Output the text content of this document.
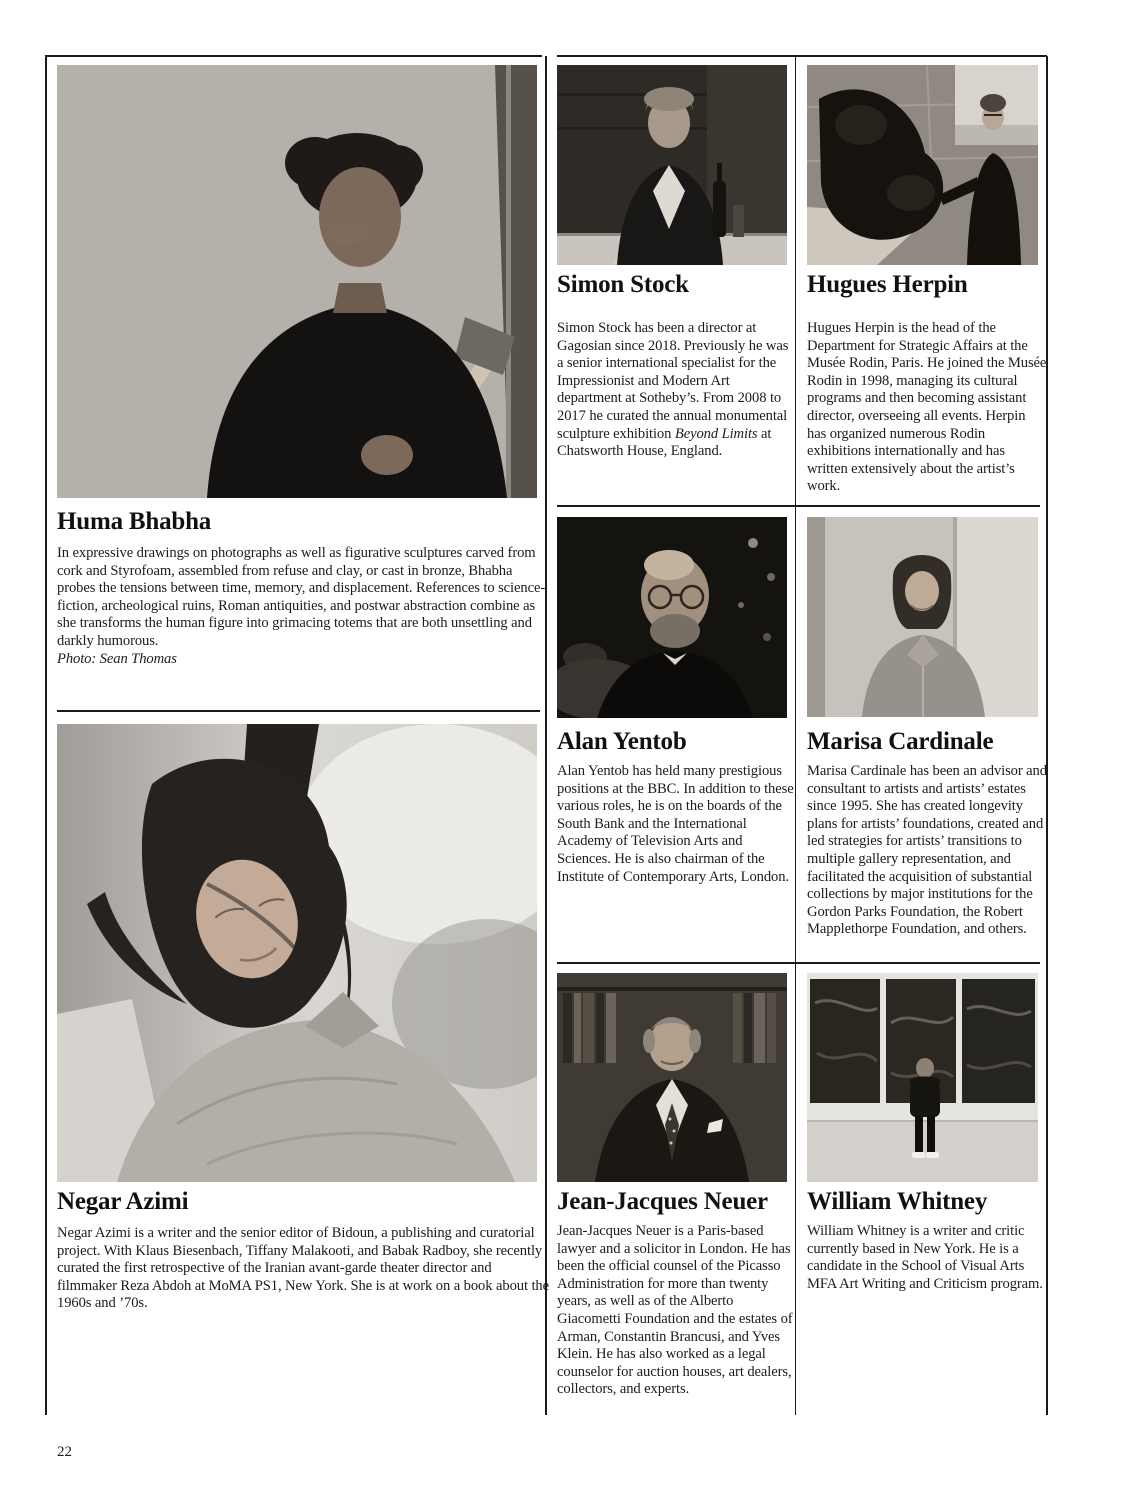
Huma Bhabha

In expressive drawings on photographs as well as figurative sculptures carved from cork and Styrofoam, assembled from refuse and clay, or cast in bronze, Bhabha probes the tensions between time, memory, and displacement. References to science-fiction, archeological ruins, Roman antiquities, and postwar abstraction combine as she transforms the human figure into grimacing totems that are both unsettling and darkly humorous.
Photo: Sean Thomas

Simon Stock

Simon Stock has been a director at Gagosian since 2018. Previously he was a senior international specialist for the Impressionist and Modern Art department at Sotheby’s. From 2008 to 2017 he curated the annual monumental sculpture exhibition Beyond Limits at Chatsworth House, England.

Hugues Herpin

Hugues Herpin is the head of the Department for Strategic Affairs at the Musée Rodin, Paris. He joined the Musée Rodin in 1998, managing its cultural programs and then becoming assistant director, overseeing all events. Herpin has organized numerous Rodin exhibitions internationally and has written extensively about the artist’s work.

Alan Yentob

Alan Yentob has held many prestigious positions at the BBC. In addition to these various roles, he is on the boards of the South Bank and the International Academy of Television Arts and Sciences. He is also chairman of the Institute of Contemporary Arts, London.

Marisa Cardinale

Marisa Cardinale has been an advisor and consultant to artists and artists’ estates since 1995. She has created longevity plans for artists’ foundations, created and led strategies for artists’ transitions to multiple gallery representation, and facilitated the acquisition of substantial collections by major institutions for the Gordon Parks Foundation, the Robert Mapplethorpe Foundation, and others.

Negar Azimi

Negar Azimi is a writer and the senior editor of Bidoun, a publishing and curatorial project. With Klaus Biesenbach, Tiffany Malakooti, and Babak Radboy, she recently curated the first retrospective of the Iranian avant-garde theater director and filmmaker Reza Abdoh at MoMA PS1, New York. She is at work on a book about the 1960s and ’70s.

Jean-Jacques Neuer

Jean-Jacques Neuer is a Paris-based lawyer and a solicitor in London. He has been the official counsel of the Picasso Administration for more than twenty years, as well as of the Alberto Giacometti Foundation and the estates of Arman, Constantin Brancusi, and Yves Klein. He has also worked as a legal counselor for auction houses, art dealers, collectors, and experts.

William Whitney

William Whitney is a writer and critic currently based in New York. He is a candidate in the School of Visual Arts MFA Art Writing and Criticism program.

22
